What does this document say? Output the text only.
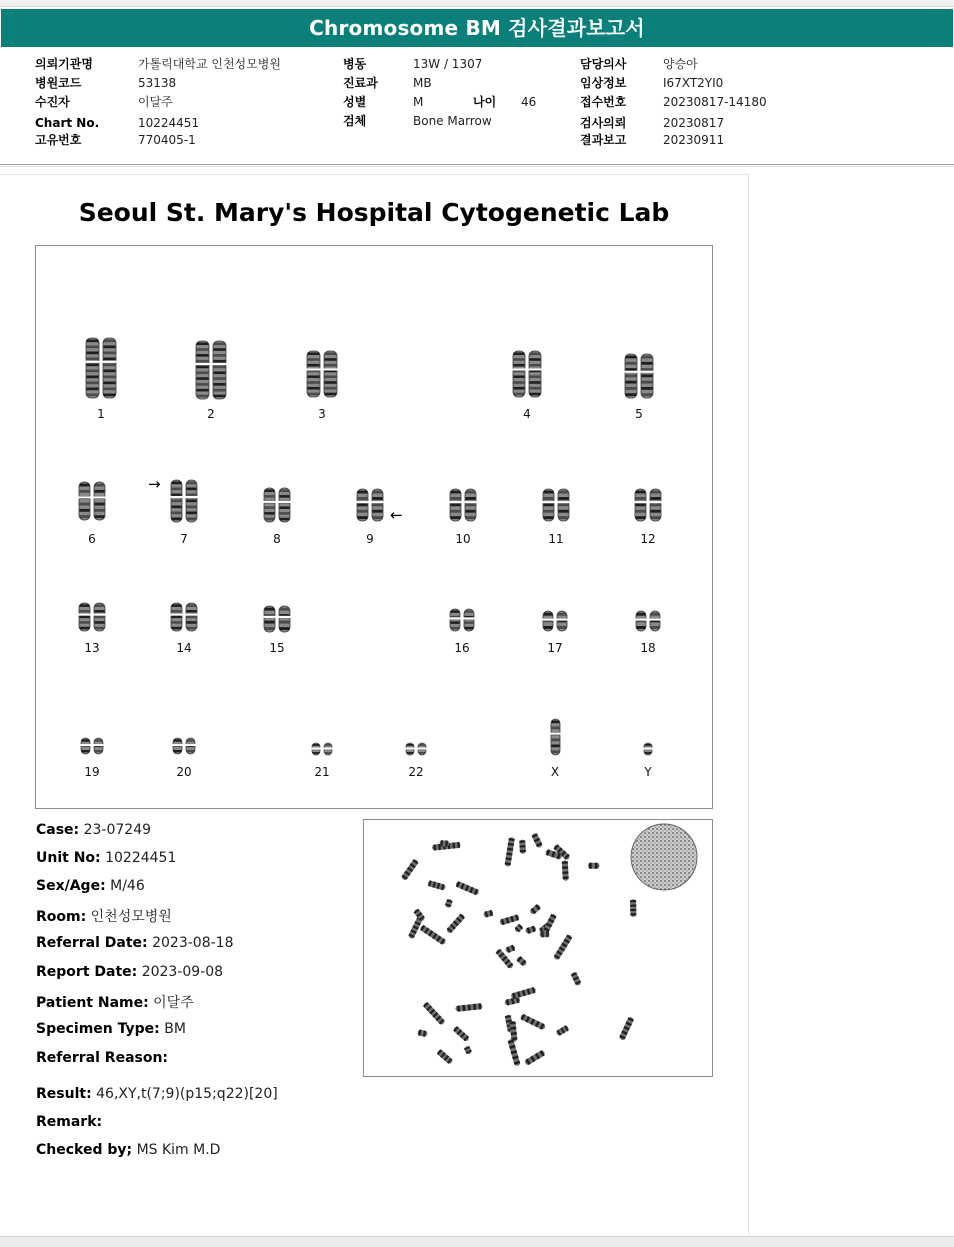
Chromosome BM 검사결과보고서
의뢰기관명	가톨릭대학교 인천성모병원
병원코드	53138
수진자	이달주
Chart No.	10224451
고유번호	770405-1
병동	13W / 1307
진료과	MB
성별	M	나이 46
검체	Bone Marrow
담당의사	양승아
임상정보	I67XT2YI0
접수번호	20230817-14180
검사의뢰	20230817
결과보고	20230911
Seoul St. Mary's Hospital Cytogenetic Lab
1	2	3	4	5
6	7	8	9	10	11	12
13	14	15	16	17	18
19	20	21	22	X	Y
→
←
Case: 23-07249
Unit No: 10224451
Sex/Age: M/46
Room: 인천성모병원
Referral Date: 2023-08-18
Report Date: 2023-09-08
Patient Name: 이달주
Specimen Type: BM
Referral Reason:
Result: 46,XY,t(7;9)(p15;q22)[20]
Remark:
Checked by; MS Kim M.D
